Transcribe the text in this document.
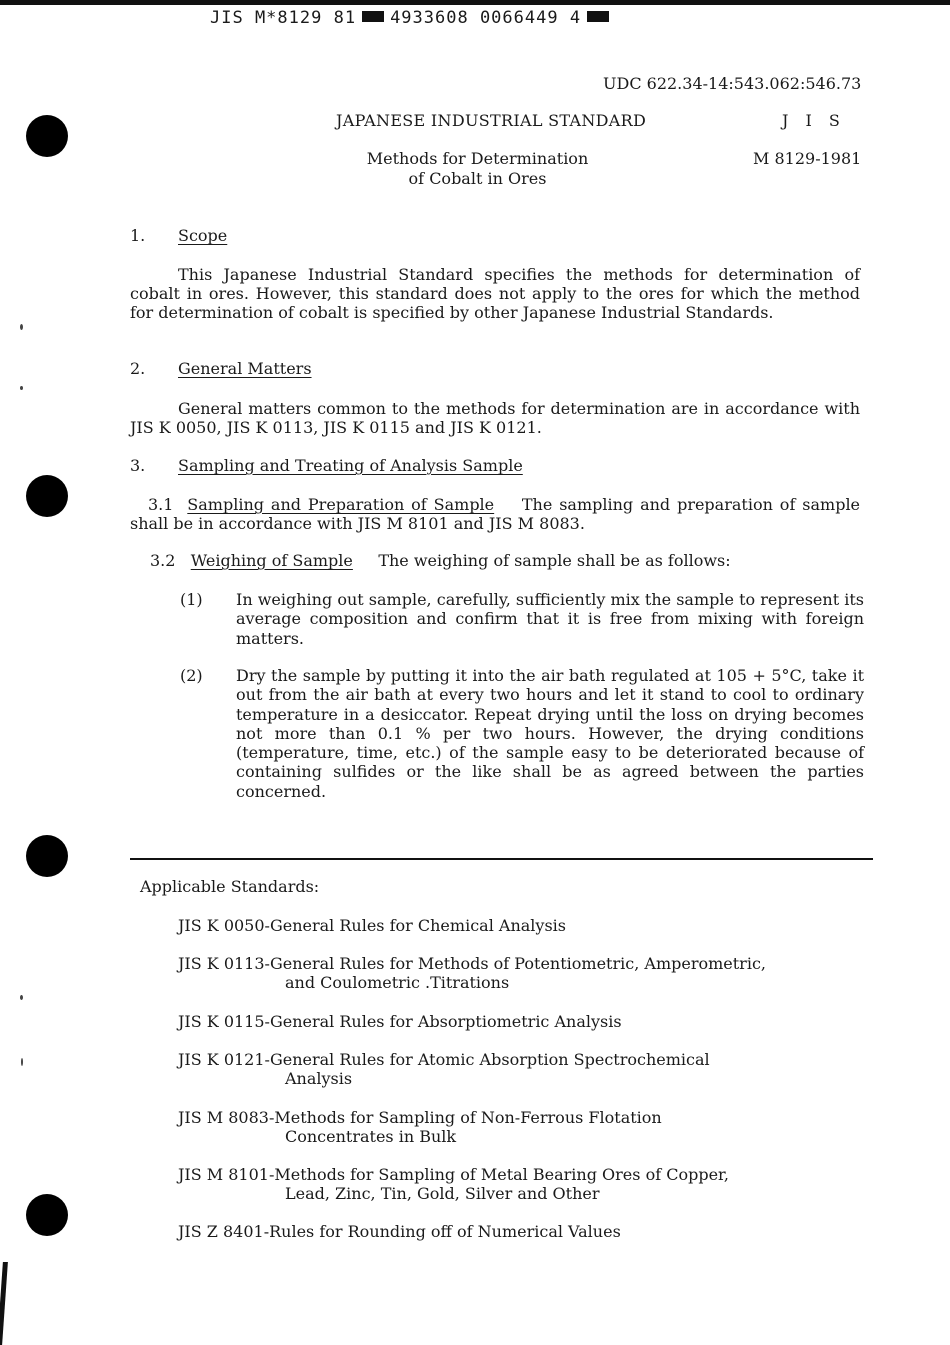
JIS M*8129 81 4933608 0066449 4
UDC 622.34-14:543.062:546.73
JAPANESE INDUSTRIAL STANDARD	J I S
Methods for Determination
of Cobalt in Ores
M 8129-1981
1. Scope
This Japanese Industrial Standard specifies the methods for determination of cobalt in ores. However, this standard does not apply to the ores for which the method for determination of cobalt is specified by other Japanese Industrial Standards.
2. General Matters
General matters common to the methods for determination are in accordance with JIS K 0050, JIS K 0113, JIS K 0115 and JIS K 0121.
3. Sampling and Treating of Analysis Sample
3.1 Sampling and Preparation of Sample The sampling and preparation of sample shall be in accordance with JIS M 8101 and JIS M 8083.
3.2 Weighing of Sample The weighing of sample shall be as follows:
(1) In weighing out sample, carefully, sufficiently mix the sample to represent its average composition and confirm that it is free from mixing with foreign matters.
(2) Dry the sample by putting it into the air bath regulated at 105 + 5°C, take it out from the air bath at every two hours and let it stand to cool to ordinary temperature in a desiccator. Repeat drying until the loss on drying becomes not more than 0.1 % per two hours. However, the drying conditions (temperature, time, etc.) of the sample easy to be deteriorated because of containing sulfides or the like shall be as agreed between the parties concerned.
Applicable Standards:
JIS K 0050-General Rules for Chemical Analysis
JIS K 0113-General Rules for Methods of Potentiometric, Amperometric,
and Coulometric .Titrations
JIS K 0115-General Rules for Absorptiometric Analysis
JIS K 0121-General Rules for Atomic Absorption Spectrochemical
Analysis
JIS M 8083-Methods for Sampling of Non-Ferrous Flotation
Concentrates in Bulk
JIS M 8101-Methods for Sampling of Metal Bearing Ores of Copper,
Lead, Zinc, Tin, Gold, Silver and Other
JIS Z 8401-Rules for Rounding off of Numerical Values
